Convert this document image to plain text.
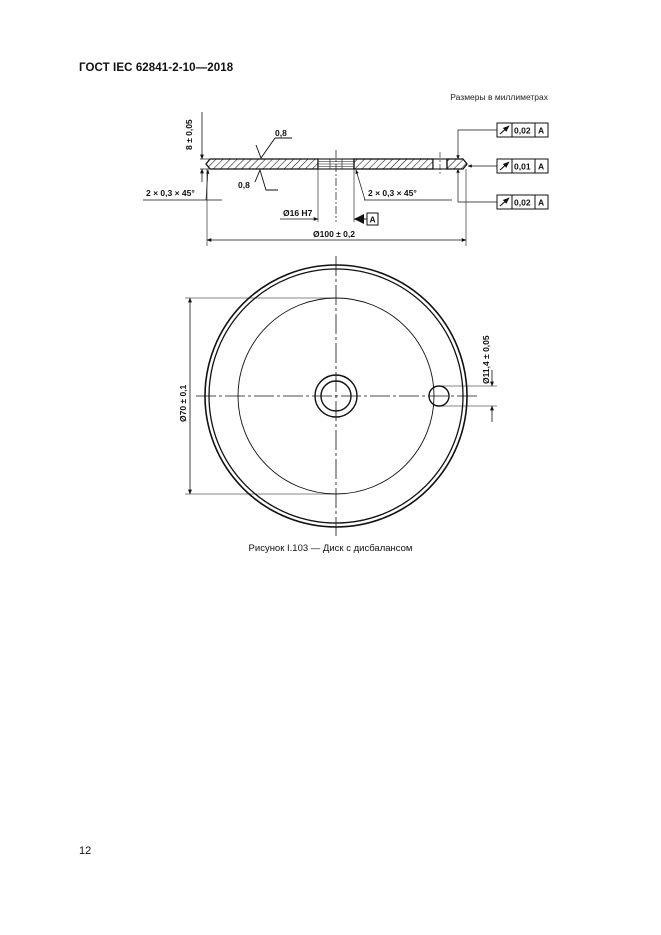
ГОСТ IEC 62841-2-10—2018
Размеры в миллиметрах
8 ± 0,05	0,8
0,8
2 × 0,3 × 45°	2 × 0,3 × 45°
Ø16 H7
A
Ø100 ± 0,2
0,02 A
0,01 A
0,02 A
Ø70 ± 0,1
Ø11,4 ± 0,05
Рисунок I.103 — Диск с дисбалансом
12
